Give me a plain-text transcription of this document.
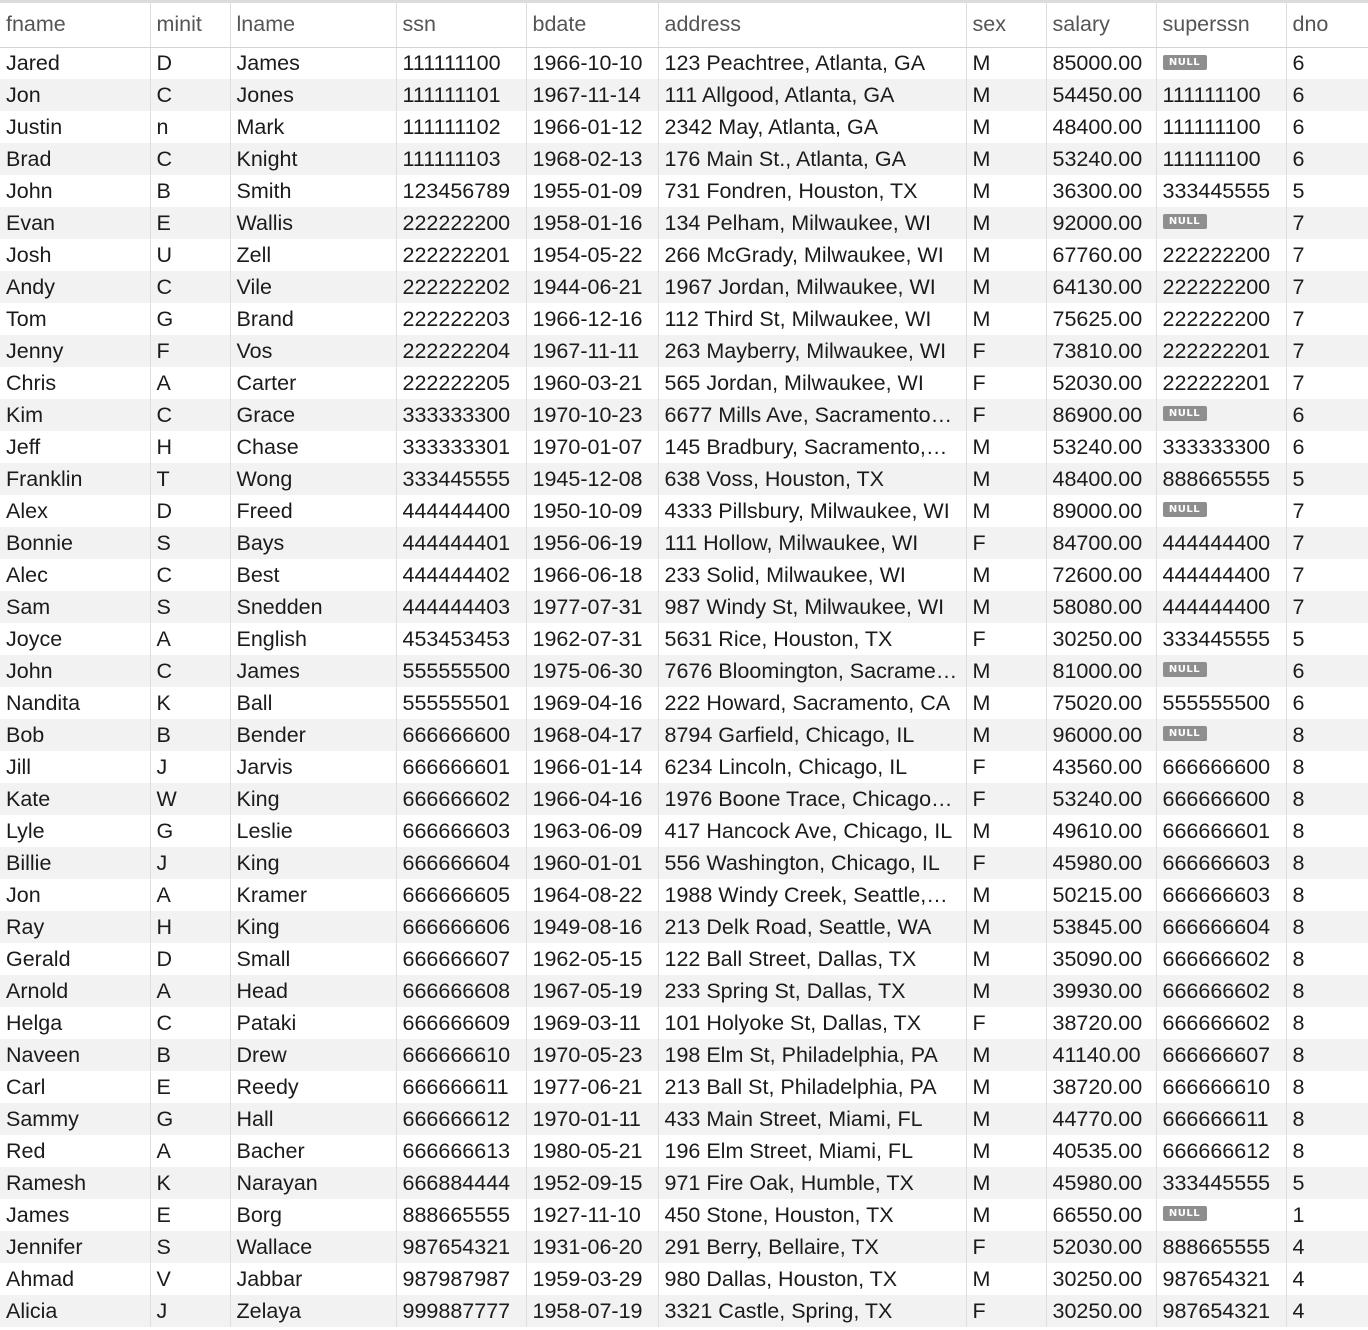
fname	minit	lname	ssn	bdate	address	sex	salary	superssn	dno
Jared	D	James	111111100	1966-10-10	123 Peachtree, Atlanta, GA	M	85000.00	NULL	6
Jon	C	Jones	111111101	1967-11-14	111 Allgood, Atlanta, GA	M	54450.00	111111100	6
Justin	n	Mark	111111102	1966-01-12	2342 May, Atlanta, GA	M	48400.00	111111100	6
Brad	C	Knight	111111103	1968-02-13	176 Main St., Atlanta, GA	M	53240.00	111111100	6
John	B	Smith	123456789	1955-01-09	731 Fondren, Houston, TX	M	36300.00	333445555	5
Evan	E	Wallis	222222200	1958-01-16	134 Pelham, Milwaukee, WI	M	92000.00	NULL	7
Josh	U	Zell	222222201	1954-05-22	266 McGrady, Milwaukee, WI	M	67760.00	222222200	7
Andy	C	Vile	222222202	1944-06-21	1967 Jordan, Milwaukee, WI	M	64130.00	222222200	7
Tom	G	Brand	222222203	1966-12-16	112 Third St, Milwaukee, WI	M	75625.00	222222200	7
Jenny	F	Vos	222222204	1967-11-11	263 Mayberry, Milwaukee, WI	F	73810.00	222222201	7
Chris	A	Carter	222222205	1960-03-21	565 Jordan, Milwaukee, WI	F	52030.00	222222201	7
Kim	C	Grace	333333300	1970-10-23	6677 Mills Ave, Sacramento…	F	86900.00	NULL	6
Jeff	H	Chase	333333301	1970-01-07	145 Bradbury, Sacramento,…	M	53240.00	333333300	6
Franklin	T	Wong	333445555	1945-12-08	638 Voss, Houston, TX	M	48400.00	888665555	5
Alex	D	Freed	444444400	1950-10-09	4333 Pillsbury, Milwaukee, WI	M	89000.00	NULL	7
Bonnie	S	Bays	444444401	1956-06-19	111 Hollow, Milwaukee, WI	F	84700.00	444444400	7
Alec	C	Best	444444402	1966-06-18	233 Solid, Milwaukee, WI	M	72600.00	444444400	7
Sam	S	Snedden	444444403	1977-07-31	987 Windy St, Milwaukee, WI	M	58080.00	444444400	7
Joyce	A	English	453453453	1962-07-31	5631 Rice, Houston, TX	F	30250.00	333445555	5
John	C	James	555555500	1975-06-30	7676 Bloomington, Sacrame…	M	81000.00	NULL	6
Nandita	K	Ball	555555501	1969-04-16	222 Howard, Sacramento, CA	M	75020.00	555555500	6
Bob	B	Bender	666666600	1968-04-17	8794 Garfield, Chicago, IL	M	96000.00	NULL	8
Jill	J	Jarvis	666666601	1966-01-14	6234 Lincoln, Chicago, IL	F	43560.00	666666600	8
Kate	W	King	666666602	1966-04-16	1976 Boone Trace, Chicago…	F	53240.00	666666600	8
Lyle	G	Leslie	666666603	1963-06-09	417 Hancock Ave, Chicago, IL	M	49610.00	666666601	8
Billie	J	King	666666604	1960-01-01	556 Washington, Chicago, IL	F	45980.00	666666603	8
Jon	A	Kramer	666666605	1964-08-22	1988 Windy Creek, Seattle,…	M	50215.00	666666603	8
Ray	H	King	666666606	1949-08-16	213 Delk Road, Seattle, WA	M	53845.00	666666604	8
Gerald	D	Small	666666607	1962-05-15	122 Ball Street, Dallas, TX	M	35090.00	666666602	8
Arnold	A	Head	666666608	1967-05-19	233 Spring St, Dallas, TX	M	39930.00	666666602	8
Helga	C	Pataki	666666609	1969-03-11	101 Holyoke St, Dallas, TX	F	38720.00	666666602	8
Naveen	B	Drew	666666610	1970-05-23	198 Elm St, Philadelphia, PA	M	41140.00	666666607	8
Carl	E	Reedy	666666611	1977-06-21	213 Ball St, Philadelphia, PA	M	38720.00	666666610	8
Sammy	G	Hall	666666612	1970-01-11	433 Main Street, Miami, FL	M	44770.00	666666611	8
Red	A	Bacher	666666613	1980-05-21	196 Elm Street, Miami, FL	M	40535.00	666666612	8
Ramesh	K	Narayan	666884444	1952-09-15	971 Fire Oak, Humble, TX	M	45980.00	333445555	5
James	E	Borg	888665555	1927-11-10	450 Stone, Houston, TX	M	66550.00	NULL	1
Jennifer	S	Wallace	987654321	1931-06-20	291 Berry, Bellaire, TX	F	52030.00	888665555	4
Ahmad	V	Jabbar	987987987	1959-03-29	980 Dallas, Houston, TX	M	30250.00	987654321	4
Alicia	J	Zelaya	999887777	1958-07-19	3321 Castle, Spring, TX	F	30250.00	987654321	4
